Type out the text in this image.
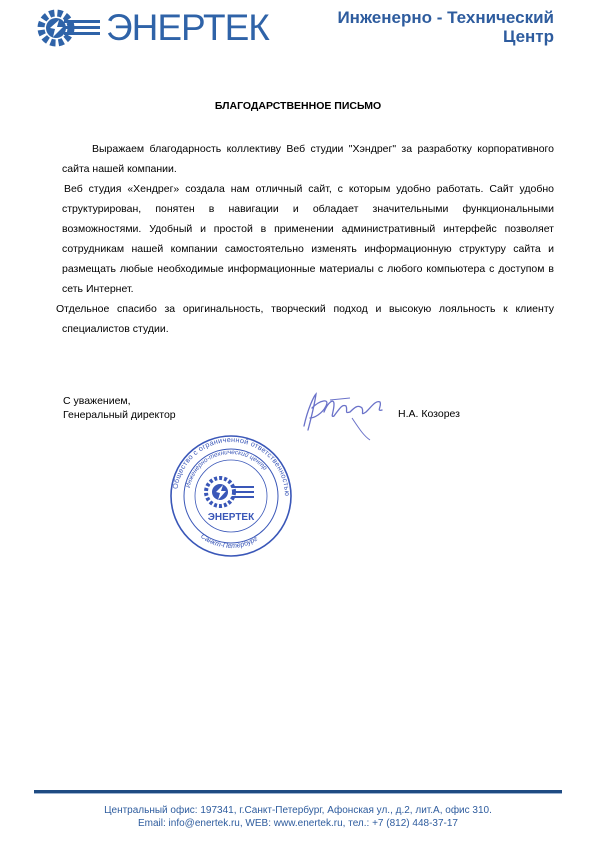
ЭНЕРТЕК	Инженерно - Технический
Центр
БЛАГОДАРСТВЕННОЕ ПИСЬМО

Выражаем благодарность коллективу Веб студии "Хэндрег" за разработку корпоративного сайта нашей компании.

Веб студия «Хендрег» создала нам отличный сайт, с которым удобно работать. Сайт удобно структурирован, понятен в навигации и обладает значительными функциональными возможностями. Удобный и простой в применении административный интерфейс позволяет сотрудникам нашей компании самостоятельно изменять информационную структуру сайта и размещать любые необходимые информационные материалы с любого компьютера с доступом в сеть Интернет.

Отдельное спасибо за оригинальность, творческий подход и высокую лояльность к клиенту специалистов студии.

С уважением,
Генеральный директор	Н.А. Козорез
Общество с ограниченной ответственностью
Инженерно-технический центр
Санкт-Петербург
ЭНЕРТЕК
Центральный офис: 197341, г.Санкт-Петербург, Афонская ул., д.2, лит.А, офис 310.
Email: info@enertek.ru, WEB: www.enertek.ru, тел.: +7 (812) 448-37-17
